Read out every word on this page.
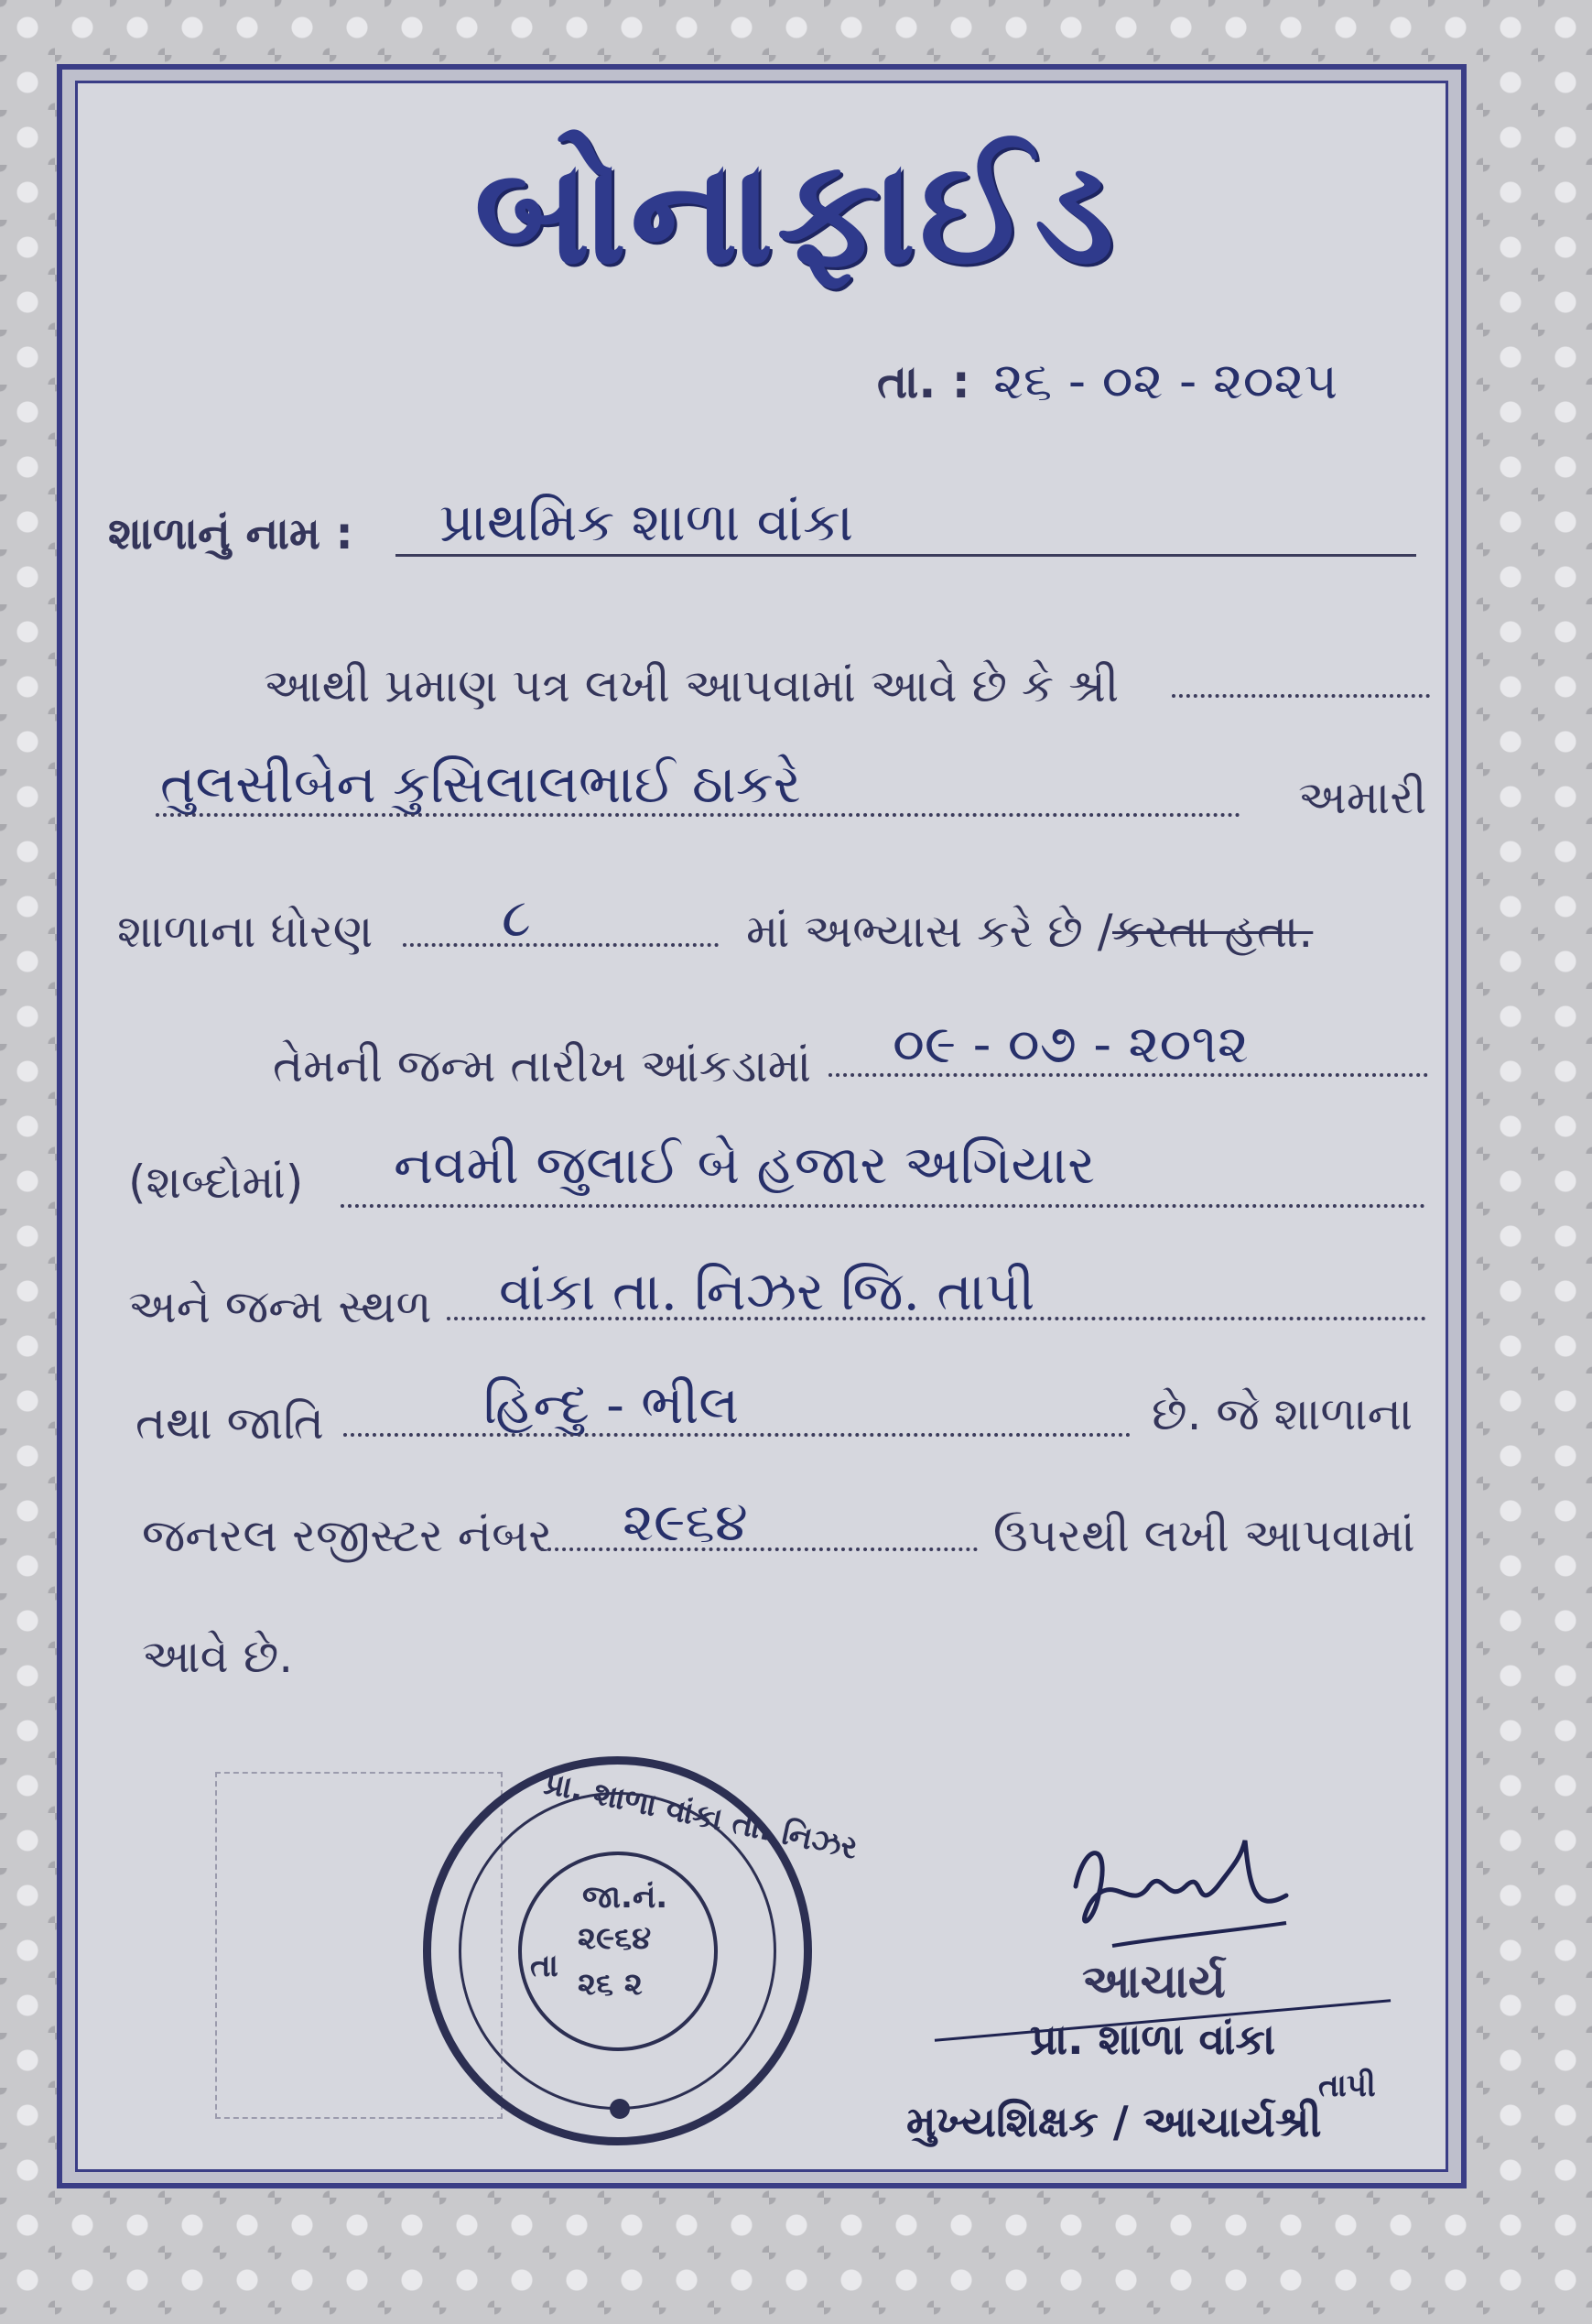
બોનાફાઈડ
તા. : ૨૬ - ૦૨ - ૨૦૨૫
શાળાનું નામ : પ્રાથમિક શાળા વાંકા
આથી પ્રમાણ પત્ર લખી આપવામાં આવે છે કે શ્રી
તુલસીબેન કુસિલાલભાઈ ઠાકરે	અમારી
શાળાના ધોરણ ૮	માં અભ્યાસ કરે છે / કરતા હતા.
તેમની જન્મ તારીખ આંકડામાં ૦૯ - ૦૭ - ૨૦૧૨
(શબ્દોમાં) નવમી જુલાઈ બે હજાર અગિયાર
અને જન્મ સ્થળ વાંકા તા. નિઝર જિ. તાપી
તથા જાતિ	હિન્દુ - ભીલ	છે. જે શાળાના
જનરલ રજીસ્ટર નંબર ૨૯૬૪	ઉપરથી લખી આપવામાં
આવે છે.
પ્રા. શાળા વાંકા તા. નિઝર
જા.નં.
૨૯૬૪
તા ૨૬ ૨	આચાર્ય
પ્રા. શાળા વાંકા
મુખ્યશિક્ષક / આચાર્યશ્રી
તાપી
